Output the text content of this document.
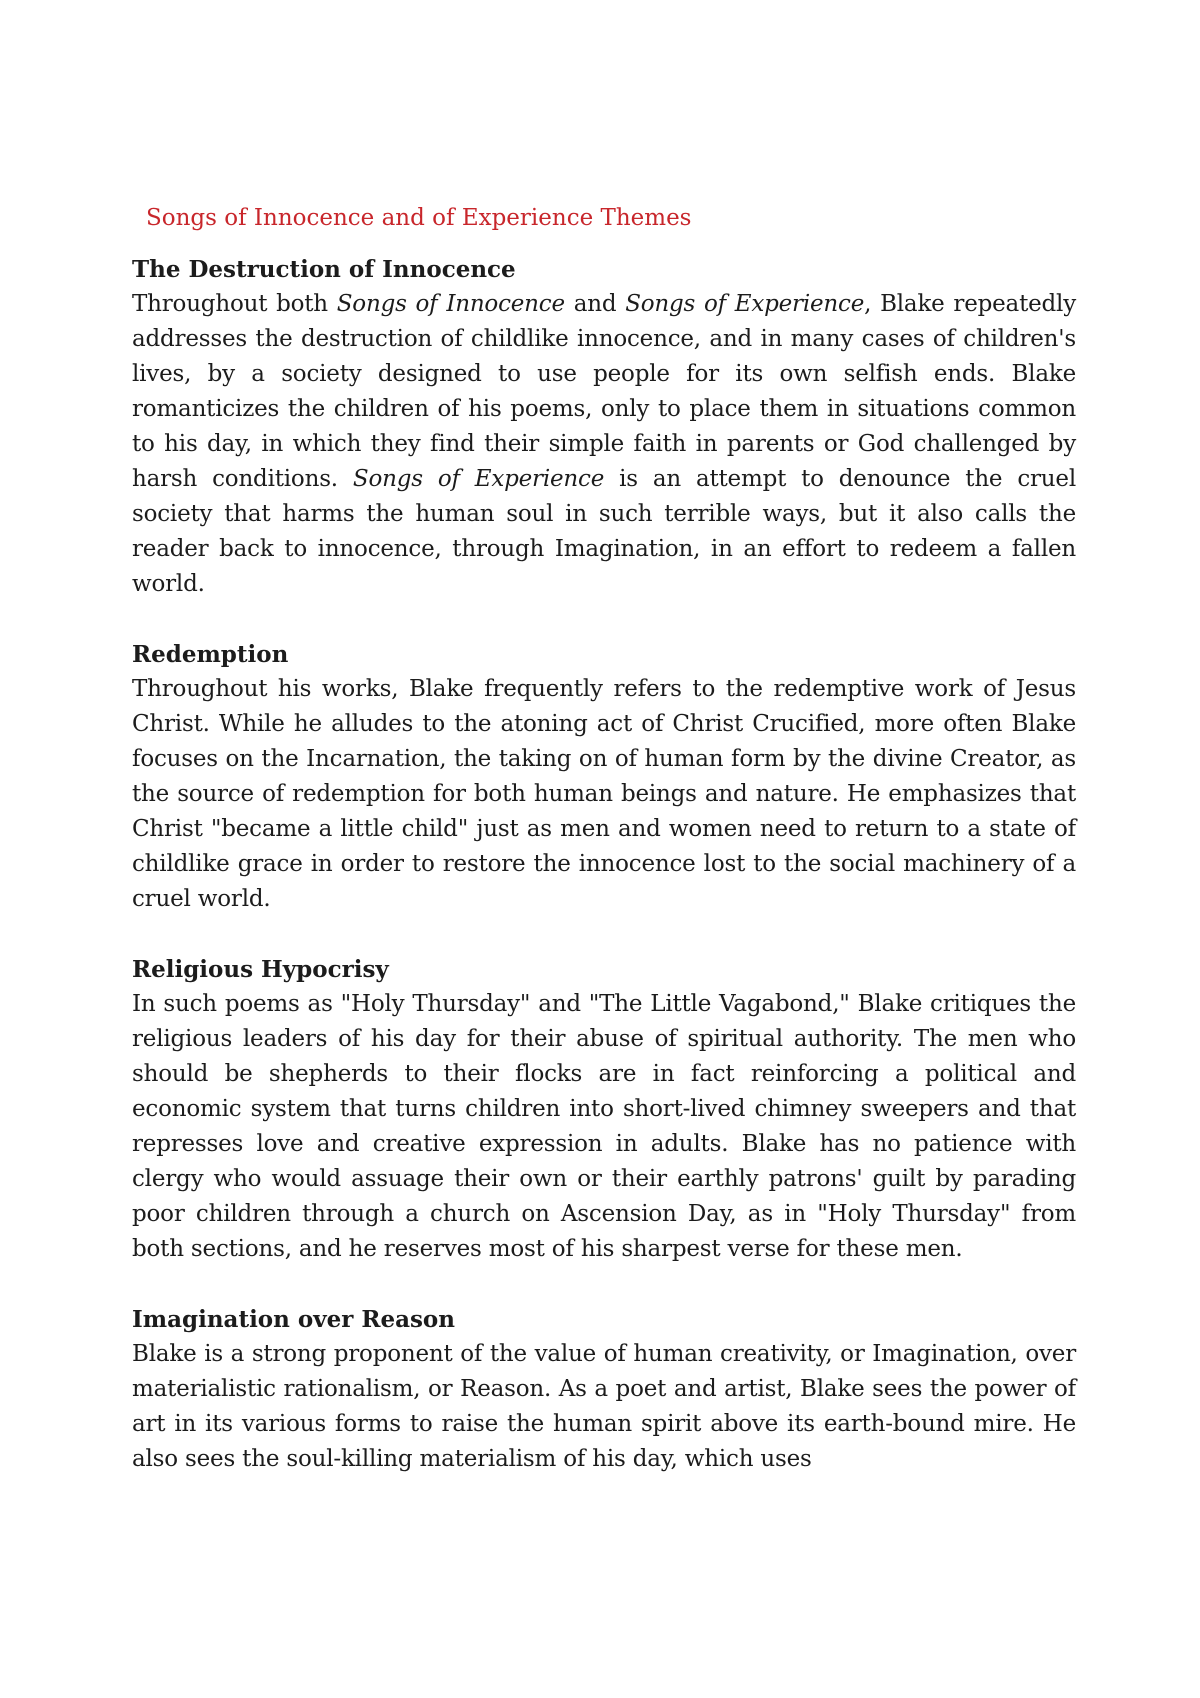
Songs of Innocence and of Experience Themes
The Destruction of Innocence

Throughout both Songs of Innocence and Songs of Experience, Blake repeatedly addresses the destruction of childlike innocence, and in many cases of children's lives, by a society designed to use people for its own selfish ends. Blake romanticizes the children of his poems, only to place them in situations common to his day, in which they find their simple faith in parents or God challenged by harsh conditions. Songs of Experience is an attempt to denounce the cruel society that harms the human soul in such terrible ways, but it also calls the reader back to innocence, through Imagination, in an effort to redeem a fallen world.

Redemption

Throughout his works, Blake frequently refers to the redemptive work of Jesus Christ. While he alludes to the atoning act of Christ Crucified, more often Blake focuses on the Incarnation, the taking on of human form by the divine Creator, as the source of redemption for both human beings and nature. He emphasizes that Christ "became a little child" just as men and women need to return to a state of childlike grace in order to restore the innocence lost to the social machinery of a cruel world.

Religious Hypocrisy

In such poems as "Holy Thursday" and "The Little Vagabond," Blake critiques the religious leaders of his day for their abuse of spiritual authority. The men who should be shepherds to their flocks are in fact reinforcing a political and economic system that turns children into short-lived chimney sweepers and that represses love and creative expression in adults. Blake has no patience with clergy who would assuage their own or their earthly patrons' guilt by parading poor children through a church on Ascension Day, as in "Holy Thursday" from both sections, and he reserves most of his sharpest verse for these men.

Imagination over Reason

Blake is a strong proponent of the value of human creativity, or Imagination, over materialistic rationalism, or Reason. As a poet and artist, Blake sees the power of art in its various forms to raise the human spirit above its earth-bound mire. He also sees the soul-killing materialism of his day, which uses
